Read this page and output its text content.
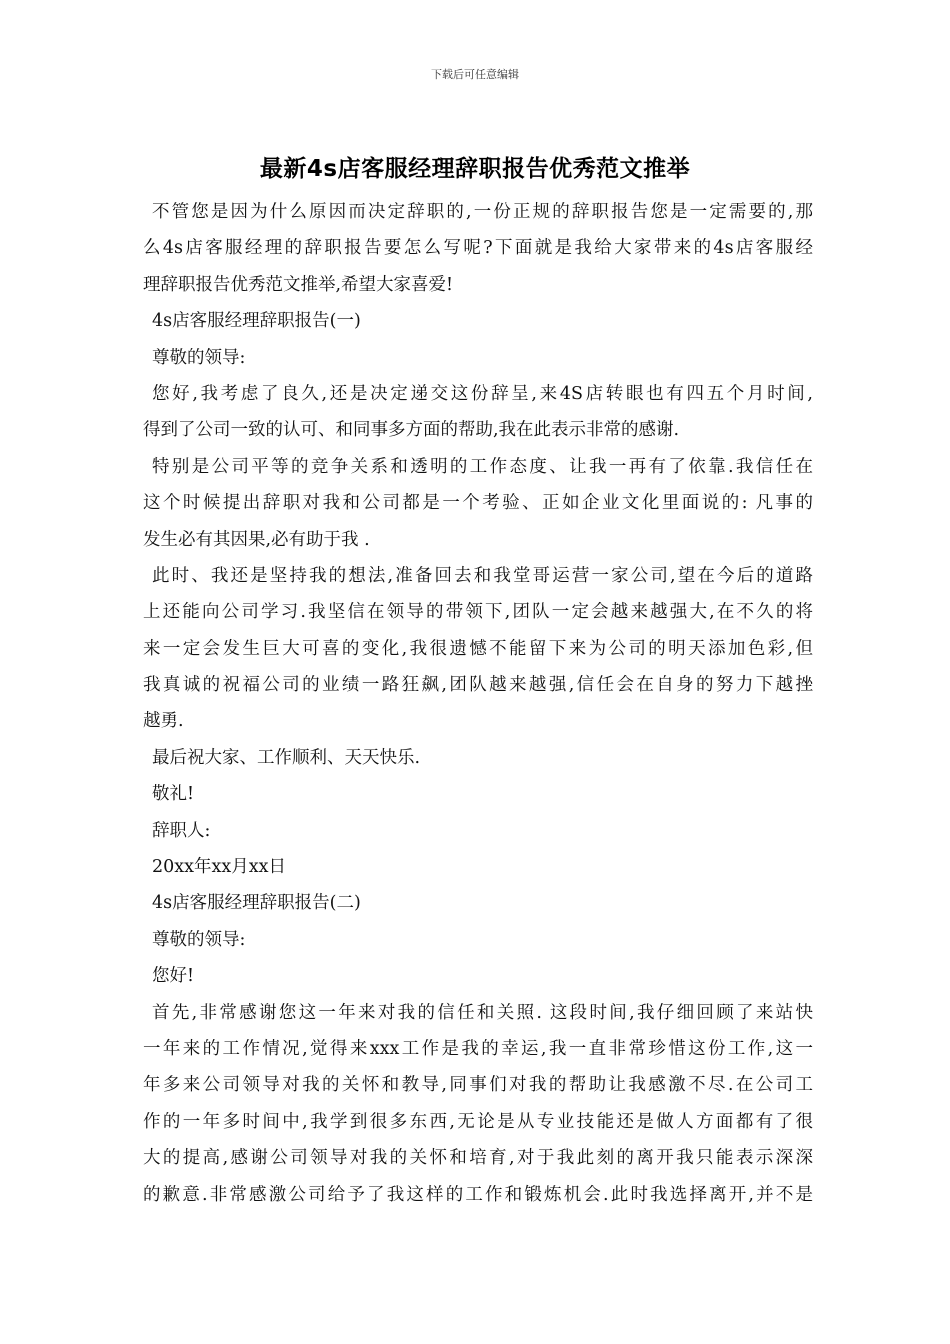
下载后可任意编辑
最新4s店客服经理辞职报告优秀范文推举
不管您是因为什么原因而决定辞职的,一份正规的辞职报告您是一定需要的,那
么4s店客服经理的辞职报告要怎么写呢?下面就是我给大家带来的4s店客服经
理辞职报告优秀范文推举,希望大家喜爱!
4s店客服经理辞职报告(一)
尊敬的领导:
您好,我考虑了良久,还是决定递交这份辞呈,来4S店转眼也有四五个月时间,
得到了公司一致的认可、和同事多方面的帮助,我在此表示非常的感谢.
特别是公司平等的竞争关系和透明的工作态度、让我一再有了依靠.我信任在
这个时候提出辞职对我和公司都是一个考验、正如企业文化里面说的: 凡事的
发生必有其因果,必有助于我 .
此时、我还是坚持我的想法,准备回去和我堂哥运营一家公司,望在今后的道路
上还能向公司学习.我坚信在领导的带领下,团队一定会越来越强大,在不久的将
来一定会发生巨大可喜的变化,我很遗憾不能留下来为公司的明天添加色彩,但
我真诚的祝福公司的业绩一路狂飙,团队越来越强,信任会在自身的努力下越挫
越勇.
最后祝大家、工作顺利、天天快乐.
敬礼!
辞职人:
20xx年xx月xx日
4s店客服经理辞职报告(二)
尊敬的领导:
您好!
首先,非常感谢您这一年来对我的信任和关照. 这段时间,我仔细回顾了来站快
一年来的工作情况,觉得来xxx工作是我的幸运,我一直非常珍惜这份工作,这一
年多来公司领导对我的关怀和教导,同事们对我的帮助让我感激不尽.在公司工
作的一年多时间中,我学到很多东西,无论是从专业技能还是做人方面都有了很
大的提高,感谢公司领导对我的关怀和培育,对于我此刻的离开我只能表示深深
的歉意.非常感激公司给予了我这样的工作和锻炼机会.此时我选择离开,并不是
